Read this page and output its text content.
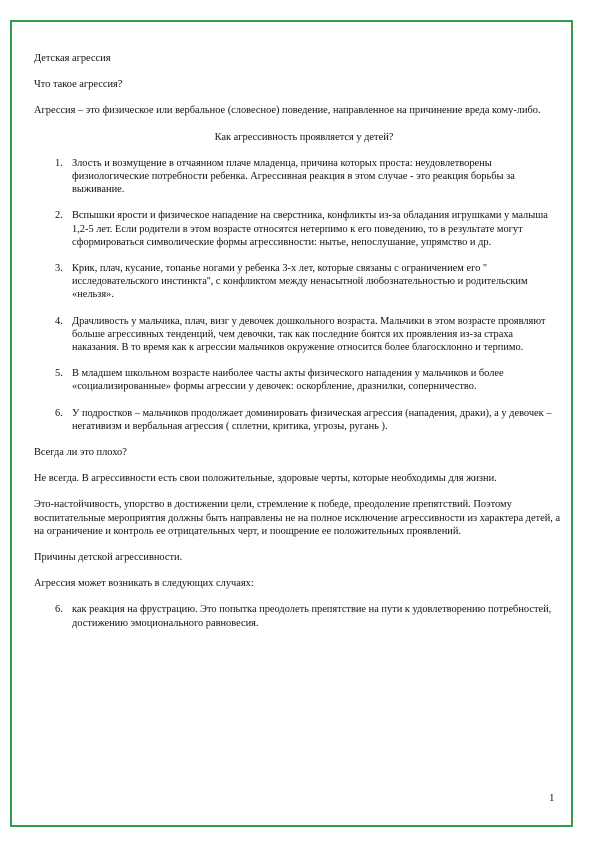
Детская агрессия

Что такое агрессия?

Агрессия – это физическое или вербальное (словесное) поведение, направленное на причинение вреда кому-либо.

Как агрессивность проявляется у детей?

1. Злость и возмущение в отчаянном плаче младенца, причина которых проста: неудовлетворены физиологические потребности ребенка. Агрессивная реакция в этом случае - это реакция борьбы за выживание.
2. Вспышки ярости и физическое нападение на сверстника, конфликты из-за обладания игрушками у малыша 1,2-5 лет. Если родители в этом возрасте относятся нетерпимо к его поведению, то в результате могут сформироваться символические формы агрессивности: нытье, непослушание, упрямство и др.
3. Крик, плач, кусание, топанье ногами у ребенка 3-х лет, которые связаны с ограничением его " исследовательского инстинкта'', с конфликтом между ненасытной любознательностью и родительским «нельзя».
4. Драчливость у мальчика, плач, визг у девочек дошкольного возраста. Мальчики в этом возрасте проявляют больше агрессивных тенденций, чем девочки, так как последние боятся их проявления из-за страха наказания. В то время как к агрессии мальчиков окружение относится более благосклонно и терпимо.
5. В младшем школьном возрасте наиболее часты акты физического нападения у мальчиков и более «социализированные» формы агрессии у девочек: оскорбление, дразнилки, соперничество.
6. У подростков – мальчиков продолжает доминировать физическая агрессия (нападения, драки), а у девочек – негативизм и вербальная агрессия ( сплетни, критика, угрозы, ругань ).

Всегда ли это плохо?

Не всегда. В агрессивности есть свои положительные, здоровые черты, которые необходимы для жизни.

Это-настойчивость, упорство в достижении цели, стремление к победе, преодоление препятствий. Поэтому воспитательные мероприятия должны быть направлены не на полное исключение агрессивности из характера детей, а на ограничение и контроль ее отрицательных черт, и поощрение ее положительных проявлений.

Причины детской агрессивности.

Агрессия может возникать в следующих случаях:

6. как реакция на фрустрацию. Это попытка преодолеть препятствие на пути к удовлетворению потребностей, достижению эмоционального равновесия.
1
